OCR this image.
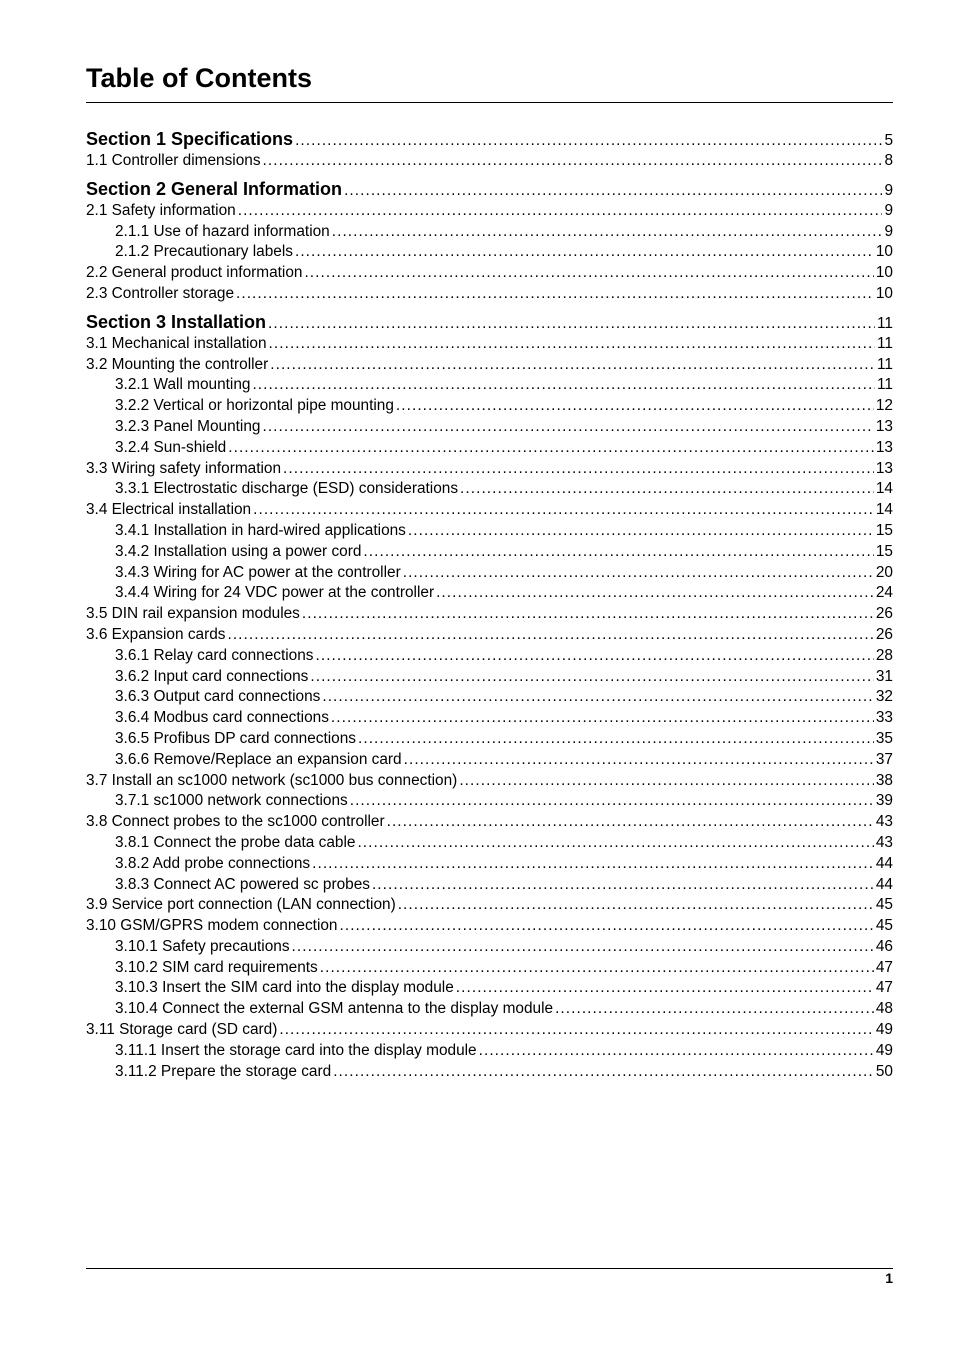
Table of Contents
Section 1 Specifications . . .	5
1.1 Controller dimensions . . .	8
Section 2 General Information . . .	9
2.1 Safety information . . .	9
2.1.1 Use of hazard information . . .	9
2.1.2 Precautionary labels . . .	10
2.2 General product information . . .	10
2.3 Controller storage . . .	10
Section 3 Installation . . .	11
3.1 Mechanical installation . . .	11
3.2 Mounting the controller . . .	11
3.2.1 Wall mounting . . .	11
3.2.2 Vertical or horizontal pipe mounting . . .	12
3.2.3 Panel Mounting . . .	13
3.2.4 Sun-shield . . .	13
3.3 Wiring safety information . . .	13
3.3.1 Electrostatic discharge (ESD) considerations . . .	14
3.4 Electrical installation . . .	14
3.4.1 Installation in hard-wired applications . . .	15
3.4.2 Installation using a power cord . . .	15
3.4.3 Wiring for AC power at the controller . . .	20
3.4.4 Wiring for 24 VDC power at the controller . . .	24
3.5 DIN rail expansion modules . . .	26
3.6 Expansion cards . . .	26
3.6.1 Relay card connections . . .	28
3.6.2 Input card connections . . .	31
3.6.3 Output card connections . . .	32
3.6.4 Modbus card connections . . .	33
3.6.5 Profibus DP card connections . . .	35
3.6.6 Remove/Replace an expansion card . . .	37
3.7 Install an sc1000 network (sc1000 bus connection) . . .	38
3.7.1 sc1000 network connections . . .	39
3.8 Connect probes to the sc1000 controller . . .	43
3.8.1 Connect the probe data cable . . .	43
3.8.2 Add probe connections . . .	44
3.8.3 Connect AC powered sc probes . . .	44
3.9 Service port connection (LAN connection) . . .	45
3.10 GSM/GPRS modem connection . . .	45
3.10.1 Safety precautions . . .	46
3.10.2 SIM card requirements . . .	47
3.10.3 Insert the SIM card into the display module . . .	47
3.10.4 Connect the external GSM antenna to the display module . . .	48
3.11 Storage card (SD card) . . .	49
3.11.1 Insert the storage card into the display module . . .	49
3.11.2 Prepare the storage card . . .	50
1
